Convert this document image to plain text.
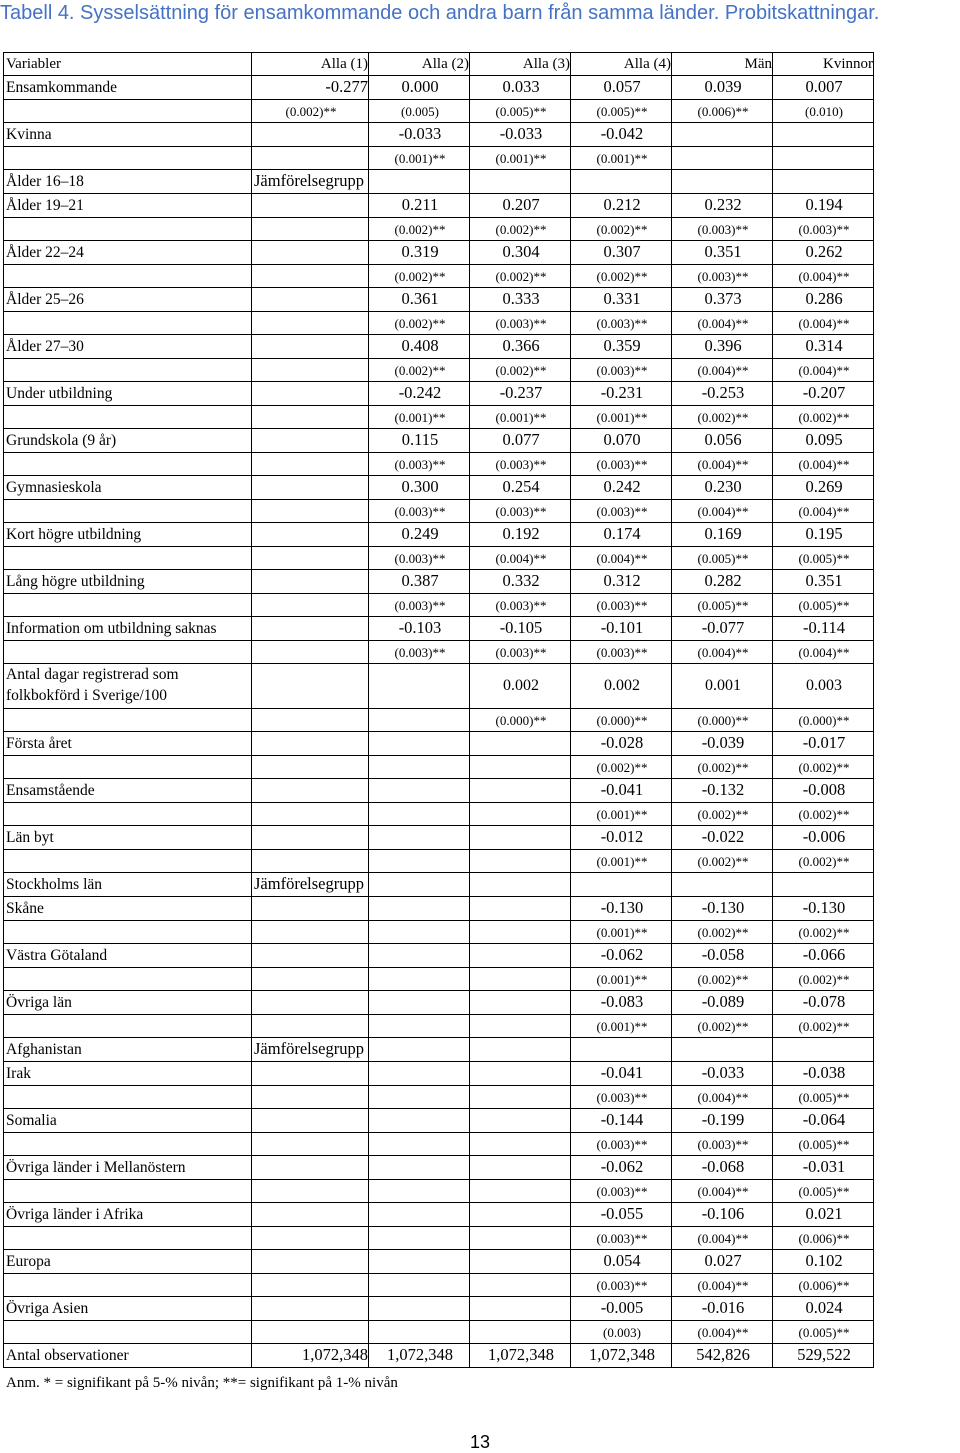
Tabell 4. Sysselsättning för ensamkommande och andra barn från samma länder. Probitskattningar.
Variabler	Alla (1)	Alla (2)	Alla (3)	Alla (4)	Män	Kvinnor
Ensamkommande	-0.277	0.000	0.033	0.057	0.039	0.007
	(0.002)**	(0.005)	(0.005)**	(0.005)**	(0.006)**	(0.010)
Kvinna		-0.033	-0.033	-0.042		
		(0.001)**	(0.001)**	(0.001)**		
Ålder 16–18	Jämförelsegrupp					
Ålder 19–21		0.211	0.207	0.212	0.232	0.194
		(0.002)**	(0.002)**	(0.002)**	(0.003)**	(0.003)**
Ålder 22–24		0.319	0.304	0.307	0.351	0.262
		(0.002)**	(0.002)**	(0.002)**	(0.003)**	(0.004)**
Ålder 25–26		0.361	0.333	0.331	0.373	0.286
		(0.002)**	(0.003)**	(0.003)**	(0.004)**	(0.004)**
Ålder 27–30		0.408	0.366	0.359	0.396	0.314
		(0.002)**	(0.002)**	(0.003)**	(0.004)**	(0.004)**
Under utbildning		-0.242	-0.237	-0.231	-0.253	-0.207
		(0.001)**	(0.001)**	(0.001)**	(0.002)**	(0.002)**
Grundskola (9 år)		0.115	0.077	0.070	0.056	0.095
		(0.003)**	(0.003)**	(0.003)**	(0.004)**	(0.004)**
Gymnasieskola		0.300	0.254	0.242	0.230	0.269
		(0.003)**	(0.003)**	(0.003)**	(0.004)**	(0.004)**
Kort högre utbildning		0.249	0.192	0.174	0.169	0.195
		(0.003)**	(0.004)**	(0.004)**	(0.005)**	(0.005)**
Lång högre utbildning		0.387	0.332	0.312	0.282	0.351
		(0.003)**	(0.003)**	(0.003)**	(0.005)**	(0.005)**
Information om utbildning saknas		-0.103	-0.105	-0.101	-0.077	-0.114
		(0.003)**	(0.003)**	(0.003)**	(0.004)**	(0.004)**
Antal dagar registrerad som folkbokförd i Sverige/100			0.002	0.002	0.001	0.003
			(0.000)**	(0.000)**	(0.000)**	(0.000)**
Första året				-0.028	-0.039	-0.017
				(0.002)**	(0.002)**	(0.002)**
Ensamstående				-0.041	-0.132	-0.008
				(0.001)**	(0.002)**	(0.002)**
Län byt				-0.012	-0.022	-0.006
				(0.001)**	(0.002)**	(0.002)**
Stockholms län	Jämförelsegrupp					
Skåne				-0.130	-0.130	-0.130
				(0.001)**	(0.002)**	(0.002)**
Västra Götaland				-0.062	-0.058	-0.066
				(0.001)**	(0.002)**	(0.002)**
Övriga län				-0.083	-0.089	-0.078
				(0.001)**	(0.002)**	(0.002)**
Afghanistan	Jämförelsegrupp					
Irak				-0.041	-0.033	-0.038
				(0.003)**	(0.004)**	(0.005)**
Somalia				-0.144	-0.199	-0.064
				(0.003)**	(0.003)**	(0.005)**
Övriga länder i Mellanöstern				-0.062	-0.068	-0.031
				(0.003)**	(0.004)**	(0.005)**
Övriga länder i Afrika				-0.055	-0.106	0.021
				(0.003)**	(0.004)**	(0.006)**
Europa				0.054	0.027	0.102
				(0.003)**	(0.004)**	(0.006)**
Övriga Asien				-0.005	-0.016	0.024
				(0.003)	(0.004)**	(0.005)**
Antal observationer	1,072,348	1,072,348	1,072,348	1,072,348	542,826	529,522
Anm. * = signifikant på 5-% nivån; **= signifikant på 1-% nivån
13
